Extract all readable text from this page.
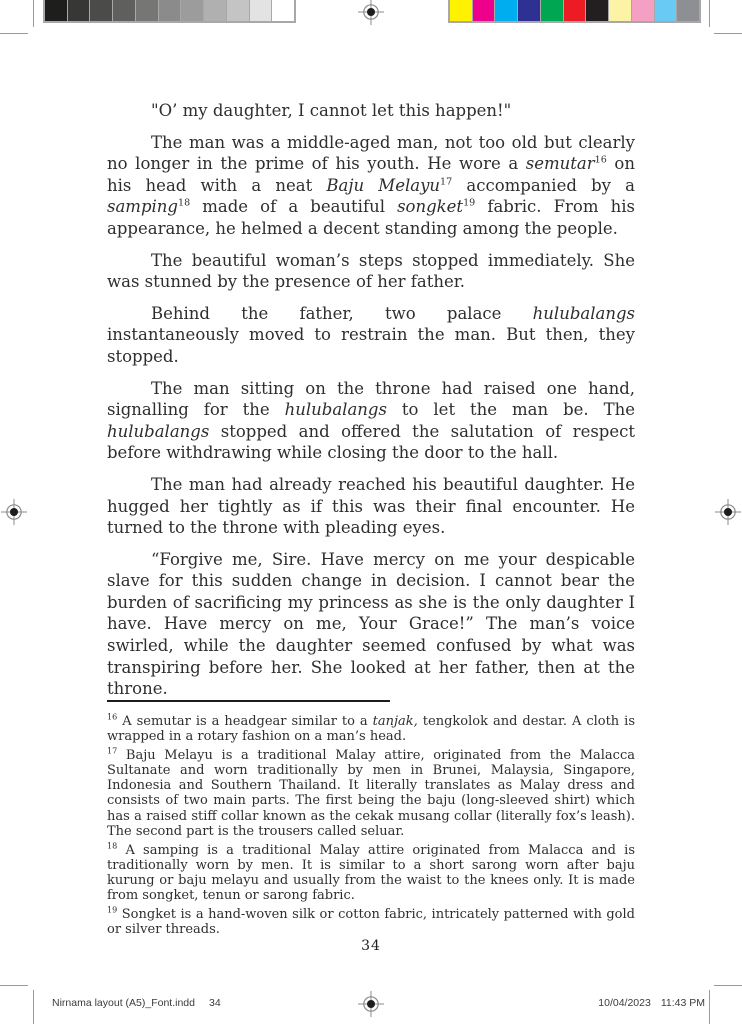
"O’ my daughter, I cannot let this happen!"
The man was a middle-aged man, not too old but clearly no longer in the prime of his youth. He wore a semutar$^{16}$ on his head with a neat Baju Melayu$^{17}$ accompanied by a samping$^{18}$ made of a beautiful songket$^{19}$ fabric. From his appearance, he helmed a decent standing among the people.
The beautiful woman’s steps stopped immediately. She was stunned by the presence of her father.
Behind the father, two palace hulubalangs instantaneously moved to restrain the man. But then, they stopped.
The man sitting on the throne had raised one hand, signalling for the hulubalangs to let the man be. The hulubalangs stopped and offered the salutation of respect before withdrawing while closing the door to the hall.
The man had already reached his beautiful daughter. He hugged her tightly as if this was their final encounter. He turned to the throne with pleading eyes.
“Forgive me, Sire. Have mercy on me your despicable slave for this sudden change in decision. I cannot bear the burden of sacrificing my princess as she is the only daughter I have. Have mercy on me, Your Grace!” The man’s voice swirled, while the daughter seemed confused by what was transpiring before her. She looked at her father, then at the throne.
$^{16}$ A semutar is a headgear similar to a tanjak, tengkolok and destar. A cloth is wrapped in a rotary fashion on a man’s head.
$^{17}$ Baju Melayu is a traditional Malay attire, originated from the Malacca Sultanate and worn traditionally by men in Brunei, Malaysia, Singapore, Indonesia and Southern Thailand. It literally translates as Malay dress and consists of two main parts. The first being the baju (long-sleeved shirt) which has a raised stiff collar known as the cekak musang collar (literally fox’s leash). The second part is the trousers called seluar.
$^{18}$ A samping is a traditional Malay attire originated from Malacca and is traditionally worn by men. It is similar to a short sarong worn after baju kurung or baju melayu and usually from the waist to the knees only. It is made from songket, tenun or sarong fabric.
$^{19}$ Songket is a hand-woven silk or cotton fabric, intricately patterned with gold or silver threads.
34
Nirnama layout (A5)_Font.indd 34	10/04/2023 11:43 PM
